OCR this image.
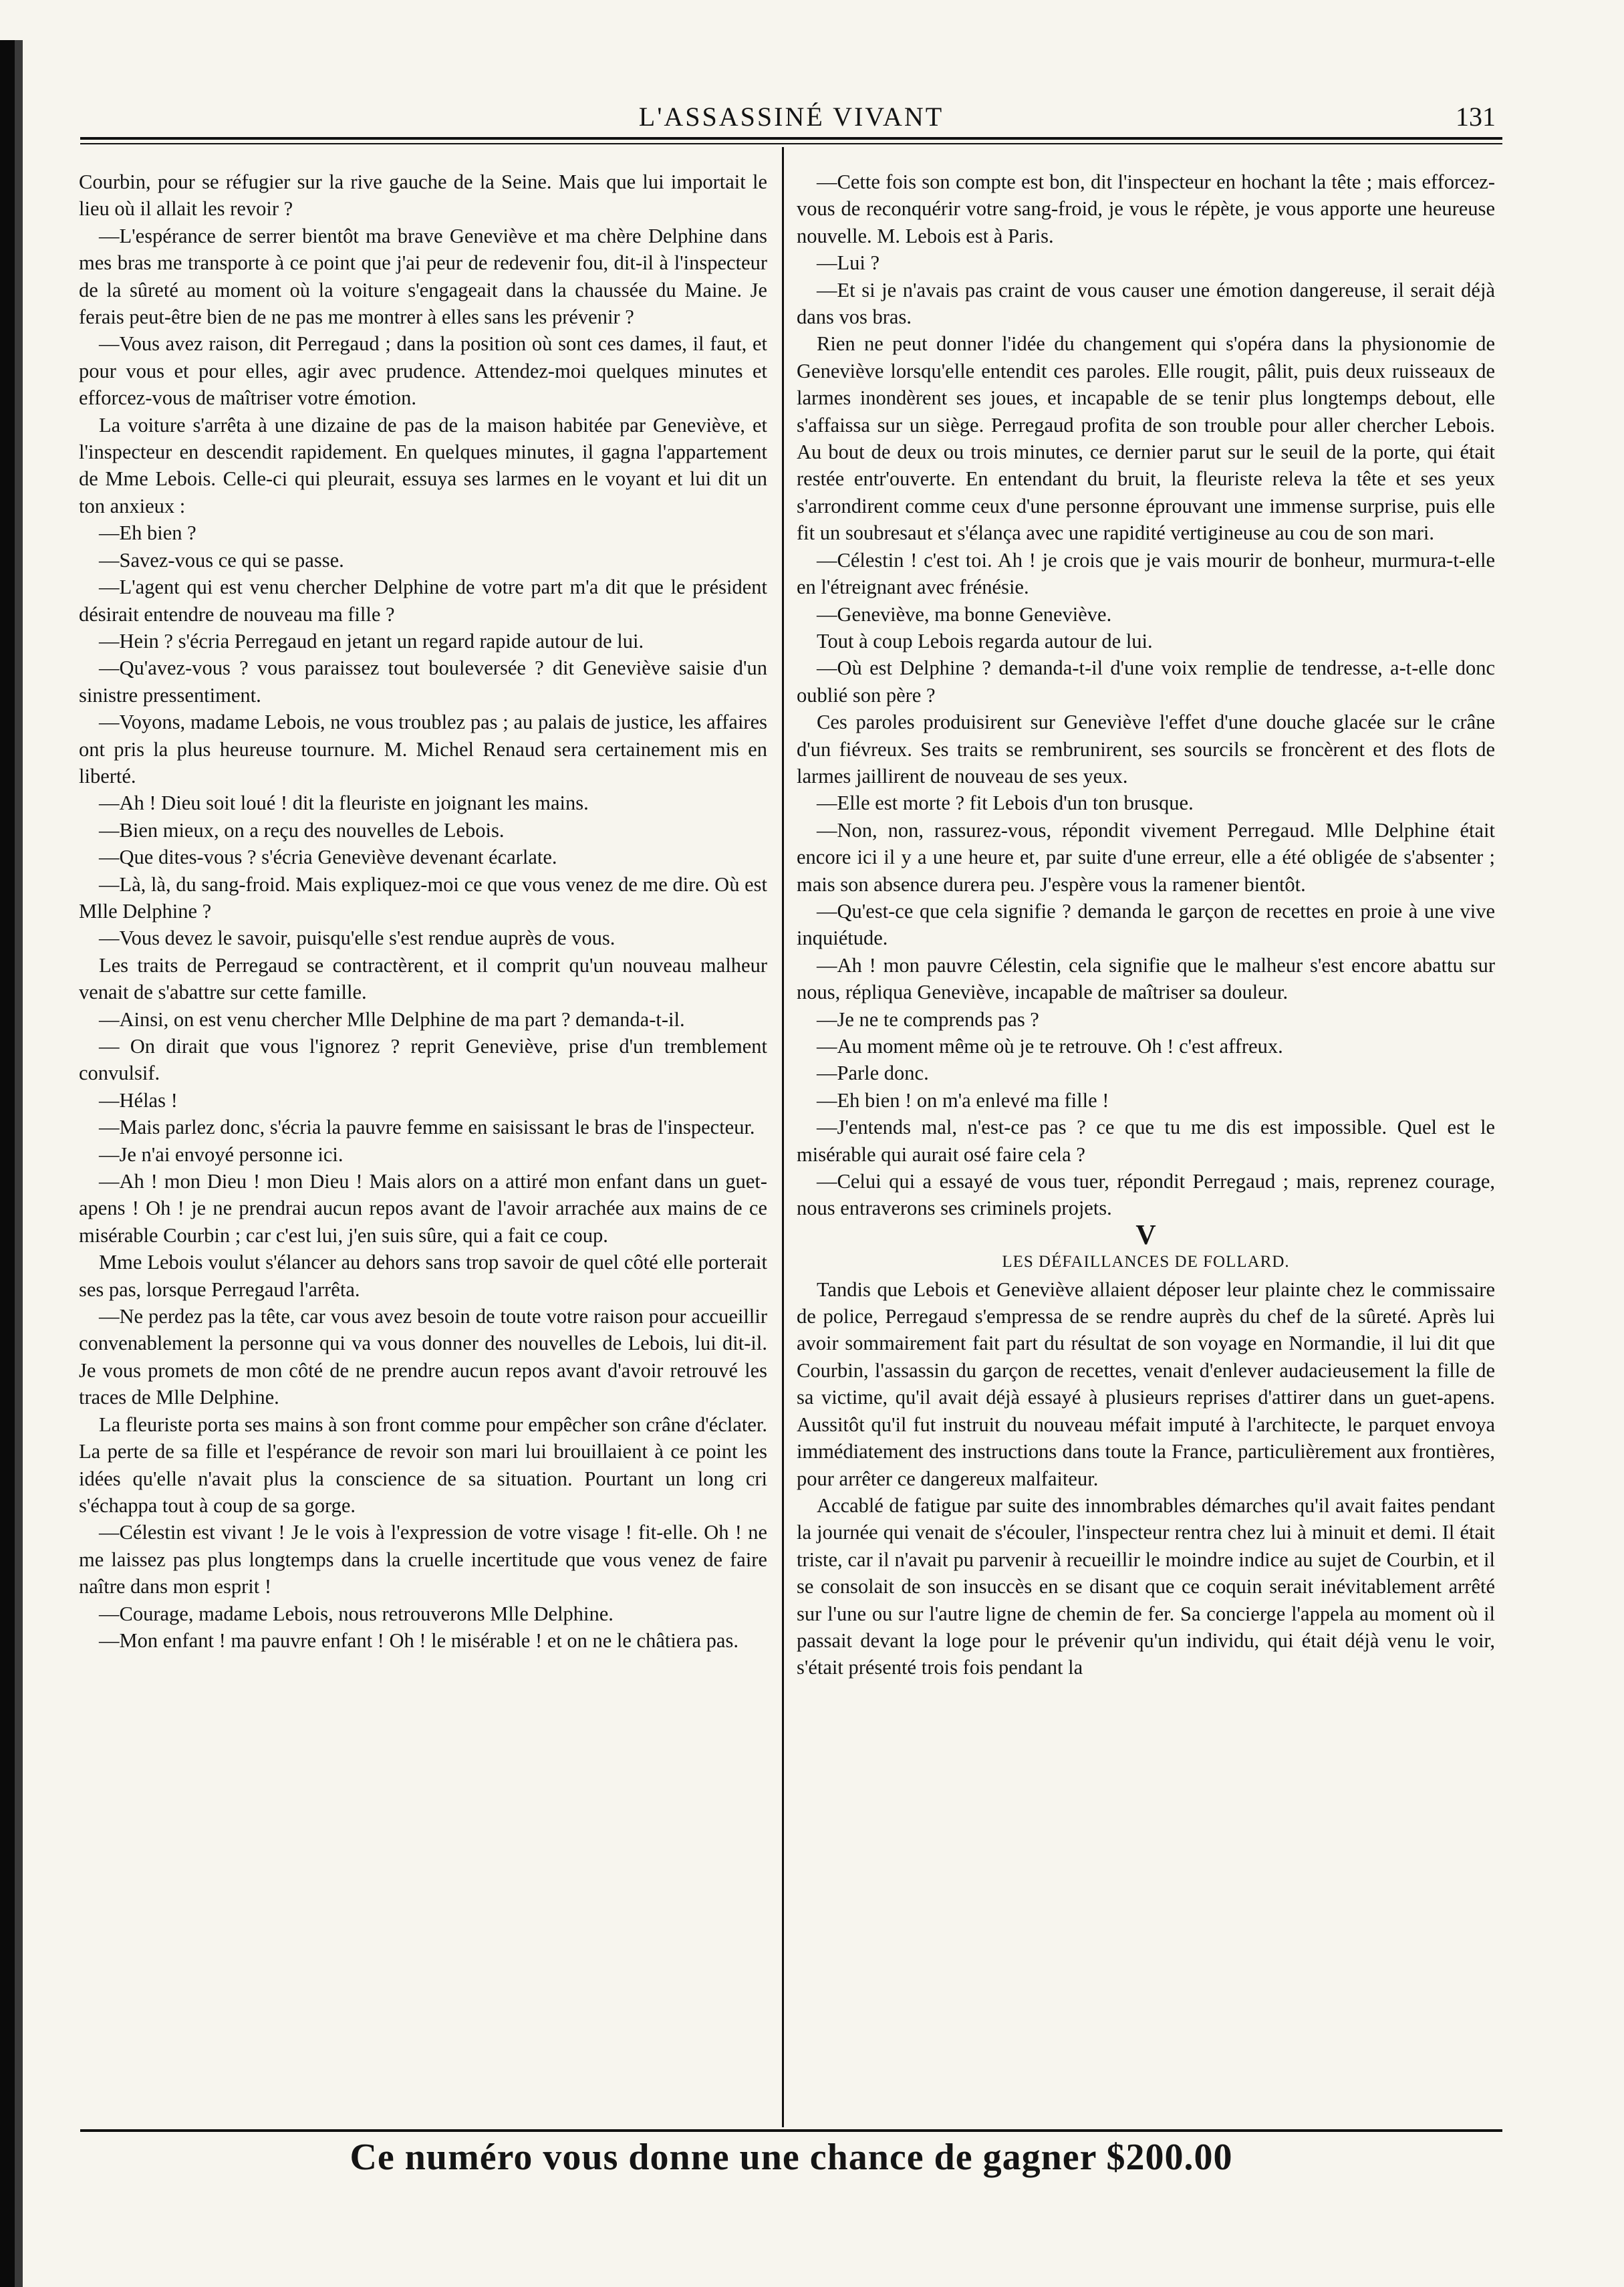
L'ASSASSINÉ VIVANT	131

Courbin, pour se réfugier sur la rive gauche de la Seine. Mais que lui importait le lieu où il allait les revoir ?

—L'espérance de serrer bientôt ma brave Geneviève et ma chère Delphine dans mes bras me transporte à ce point que j'ai peur de redevenir fou, dit-il à l'inspecteur de la sûreté au moment où la voiture s'engageait dans la chaussée du Maine. Je ferais peut-être bien de ne pas me montrer à elles sans les prévenir ?

—Vous avez raison, dit Perregaud ; dans la position où sont ces dames, il faut, et pour vous et pour elles, agir avec prudence. Attendez-moi quelques minutes et efforcez-vous de maîtriser votre émotion.

La voiture s'arrêta à une dizaine de pas de la maison habitée par Geneviève, et l'inspecteur en descendit rapidement. En quelques minutes, il gagna l'appartement de Mme Lebois. Celle-ci qui pleurait, essuya ses larmes en le voyant et lui dit un ton anxieux :

—Eh bien ?

—Savez-vous ce qui se passe.

—L'agent qui est venu chercher Delphine de votre part m'a dit que le président désirait entendre de nouveau ma fille ?

—Hein ? s'écria Perregaud en jetant un regard rapide autour de lui.

—Qu'avez-vous ? vous paraissez tout bouleversée ? dit Geneviève saisie d'un sinistre pressentiment.

—Voyons, madame Lebois, ne vous troublez pas ; au palais de justice, les affaires ont pris la plus heureuse tournure. M. Michel Renaud sera certainement mis en liberté.

—Ah ! Dieu soit loué ! dit la fleuriste en joignant les mains.

—Bien mieux, on a reçu des nouvelles de Lebois.

—Que dites-vous ? s'écria Geneviève devenant écarlate.

—Là, là, du sang-froid. Mais expliquez-moi ce que vous venez de me dire. Où est Mlle Delphine ?

—Vous devez le savoir, puisqu'elle s'est rendue auprès de vous.

Les traits de Perregaud se contractèrent, et il comprit qu'un nouveau malheur venait de s'abattre sur cette famille.

—Ainsi, on est venu chercher Mlle Delphine de ma part ? demanda-t-il.

— On dirait que vous l'ignorez ? reprit Geneviève, prise d'un tremblement convulsif.

—Hélas !

—Mais parlez donc, s'écria la pauvre femme en saisissant le bras de l'inspecteur.

—Je n'ai envoyé personne ici.

—Ah ! mon Dieu ! mon Dieu ! Mais alors on a attiré mon enfant dans un guet-apens ! Oh ! je ne prendrai aucun repos avant de l'avoir arrachée aux mains de ce misérable Courbin ; car c'est lui, j'en suis sûre, qui a fait ce coup.

Mme Lebois voulut s'élancer au dehors sans trop savoir de quel côté elle porterait ses pas, lorsque Perregaud l'arrêta.

—Ne perdez pas la tête, car vous avez besoin de toute votre raison pour accueillir convenablement la personne qui va vous donner des nouvelles de Lebois, lui dit-il. Je vous promets de mon côté de ne prendre aucun repos avant d'avoir retrouvé les traces de Mlle Delphine.

La fleuriste porta ses mains à son front comme pour empêcher son crâne d'éclater. La perte de sa fille et l'espérance de revoir son mari lui brouillaient à ce point les idées qu'elle n'avait plus la conscience de sa situation. Pourtant un long cri s'échappa tout à coup de sa gorge.

—Célestin est vivant ! Je le vois à l'expression de votre visage ! fit-elle. Oh ! ne me laissez pas plus longtemps dans la cruelle incertitude que vous venez de faire naître dans mon esprit !

—Courage, madame Lebois, nous retrouverons Mlle Delphine.

—Mon enfant ! ma pauvre enfant ! Oh ! le misérable ! et on ne le châtiera pas.

—Cette fois son compte est bon, dit l'inspecteur en hochant la tête ; mais efforcez-vous de reconquérir votre sang-froid, je vous le répète, je vous apporte une heureuse nouvelle. M. Lebois est à Paris.

—Lui ?

—Et si je n'avais pas craint de vous causer une émotion dangereuse, il serait déjà dans vos bras.

Rien ne peut donner l'idée du changement qui s'opéra dans la physionomie de Geneviève lorsqu'elle entendit ces paroles. Elle rougit, pâlit, puis deux ruisseaux de larmes inondèrent ses joues, et incapable de se tenir plus longtemps debout, elle s'affaissa sur un siège. Perregaud profita de son trouble pour aller chercher Lebois. Au bout de deux ou trois minutes, ce dernier parut sur le seuil de la porte, qui était restée entr'ouverte. En entendant du bruit, la fleuriste releva la tête et ses yeux s'arrondirent comme ceux d'une personne éprouvant une immense surprise, puis elle fit un soubresaut et s'élança avec une rapidité vertigineuse au cou de son mari.

—Célestin ! c'est toi. Ah ! je crois que je vais mourir de bonheur, murmura-t-elle en l'étreignant avec frénésie.

—Geneviève, ma bonne Geneviève.

Tout à coup Lebois regarda autour de lui.

—Où est Delphine ? demanda-t-il d'une voix remplie de tendresse, a-t-elle donc oublié son père ?

Ces paroles produisirent sur Geneviève l'effet d'une douche glacée sur le crâne d'un fiévreux. Ses traits se rembrunirent, ses sourcils se froncèrent et des flots de larmes jaillirent de nouveau de ses yeux.

—Elle est morte ? fit Lebois d'un ton brusque.

—Non, non, rassurez-vous, répondit vivement Perregaud. Mlle Delphine était encore ici il y a une heure et, par suite d'une erreur, elle a été obligée de s'absenter ; mais son absence durera peu. J'espère vous la ramener bientôt.

—Qu'est-ce que cela signifie ? demanda le garçon de recettes en proie à une vive inquiétude.

—Ah ! mon pauvre Célestin, cela signifie que le malheur s'est encore abattu sur nous, répliqua Geneviève, incapable de maîtriser sa douleur.

—Je ne te comprends pas ?

—Au moment même où je te retrouve. Oh ! c'est affreux.

—Parle donc.

—Eh bien ! on m'a enlevé ma fille !

—J'entends mal, n'est-ce pas ? ce que tu me dis est impossible. Quel est le misérable qui aurait osé faire cela ?

—Celui qui a essayé de vous tuer, répondit Perregaud ; mais, reprenez courage, nous entraverons ses criminels projets.

V

LES DÉFAILLANCES DE FOLLARD.

Tandis que Lebois et Geneviève allaient déposer leur plainte chez le commissaire de police, Perregaud s'empressa de se rendre auprès du chef de la sûreté. Après lui avoir sommairement fait part du résultat de son voyage en Normandie, il lui dit que Courbin, l'assassin du garçon de recettes, venait d'enlever audacieusement la fille de sa victime, qu'il avait déjà essayé à plusieurs reprises d'attirer dans un guet-apens. Aussitôt qu'il fut instruit du nouveau méfait imputé à l'architecte, le parquet envoya immédiatement des instructions dans toute la France, particulièrement aux frontières, pour arrêter ce dangereux malfaiteur.

Accablé de fatigue par suite des innombrables démarches qu'il avait faites pendant la journée qui venait de s'écouler, l'inspecteur rentra chez lui à minuit et demi. Il était triste, car il n'avait pu parvenir à recueillir le moindre indice au sujet de Courbin, et il se consolait de son insuccès en se disant que ce coquin serait inévitablement arrêté sur l'une ou sur l'autre ligne de chemin de fer. Sa concierge l'appela au moment où il passait devant la loge pour le prévenir qu'un individu, qui était déjà venu le voir, s'était présenté trois fois pendant la

Ce numéro vous donne une chance de gagner $200.00
